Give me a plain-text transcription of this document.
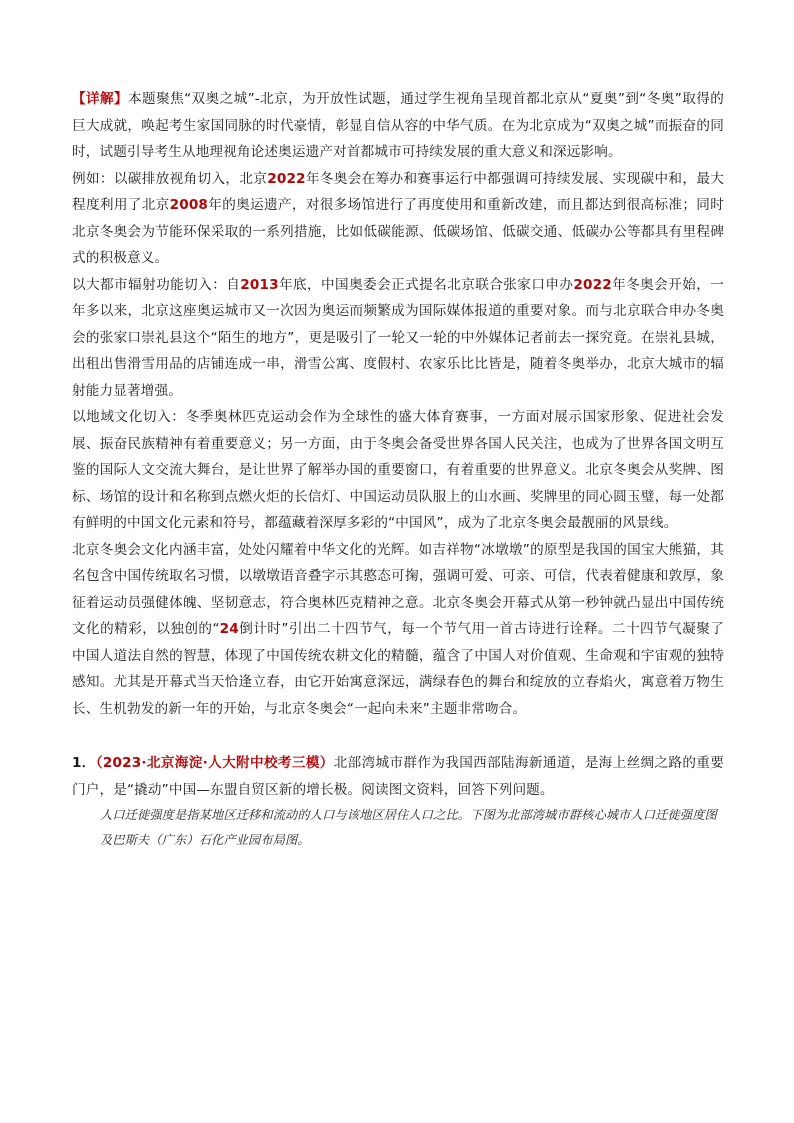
【详解】本题聚焦“双奥之城”-北京，为开放性试题，通过学生视角呈现首都北京从“夏奥”到“冬奥”取得的巨大成就，唤起考生家国同脉的时代豪情，彰显自信从容的中华气质。在为北京成为“双奥之城”而振奋的同时，试题引导考生从地理视角论述奥运遗产对首都城市可持续发展的重大意义和深远影响。

例如：以碳排放视角切入，北京2022年冬奥会在筹办和赛事运行中都强调可持续发展、实现碳中和，最大程度利用了北京2008年的奥运遗产，对很多场馆进行了再度使用和重新改建，而且都达到很高标准；同时北京冬奥会为节能环保采取的一系列措施，比如低碳能源、低碳场馆、低碳交通、低碳办公等都具有里程碑式的积极意义。

以大都市辐射功能切入：自2013年底，中国奥委会正式提名北京联合张家口申办2022年冬奥会开始，一年多以来，北京这座奥运城市又一次因为奥运而频繁成为国际媒体报道的重要对象。而与北京联合申办冬奥会的张家口崇礼县这个“陌生的地方”，更是吸引了一轮又一轮的中外媒体记者前去一探究竟。在崇礼县城，出租出售滑雪用品的店铺连成一串，滑雪公寓、度假村、农家乐比比皆是，随着冬奥举办，北京大城市的辐射能力显著增强。

以地域文化切入：冬季奥林匹克运动会作为全球性的盛大体育赛事，一方面对展示国家形象、促进社会发展、振奋民族精神有着重要意义；另一方面，由于冬奥会备受世界各国人民关注，也成为了世界各国文明互鉴的国际人文交流大舞台，是让世界了解举办国的重要窗口，有着重要的世界意义。北京冬奥会从奖牌、图标、场馆的设计和名称到点燃火炬的长信灯、中国运动员队服上的山水画、奖牌里的同心圆玉璧，每一处都有鲜明的中国文化元素和符号，都蕴藏着深厚多彩的“中国风”，成为了北京冬奥会最靓丽的风景线。

北京冬奥会文化内涵丰富，处处闪耀着中华文化的光辉。如吉祥物“冰墩墩”的原型是我国的国宝大熊猫，其名包含中国传统取名习惯，以墩墩语音叠字示其憨态可掬，强调可爱、可亲、可信，代表着健康和敦厚，象征着运动员强健体魄、坚韧意志，符合奥林匹克精神之意。北京冬奥会开幕式从第一秒钟就凸显出中国传统文化的精彩，以独创的“24倒计时”引出二十四节气，每一个节气用一首古诗进行诠释。二十四节气凝聚了中国人道法自然的智慧，体现了中国传统农耕文化的精髓，蕴含了中国人对价值观、生命观和宇宙观的独特感知。尤其是开幕式当天恰逢立春，由它开始寓意深远，满绿春色的舞台和绽放的立春焰火，寓意着万物生长、生机勃发的新一年的开始，与北京冬奥会“一起向未来”主题非常吻合。

1．（2023·北京海淀·人大附中校考三模）北部湾城市群作为我国西部陆海新通道，是海上丝绸之路的重要门户，是“撬动”中国—东盟自贸区新的增长极。阅读图文资料，回答下列问题。

人口迁徙强度是指某地区迁移和流动的人口与该地区居住人口之比。下图为北部湾城市群核心城市人口迁徙强度图及巴斯夫（广东）石化产业园布局图。
